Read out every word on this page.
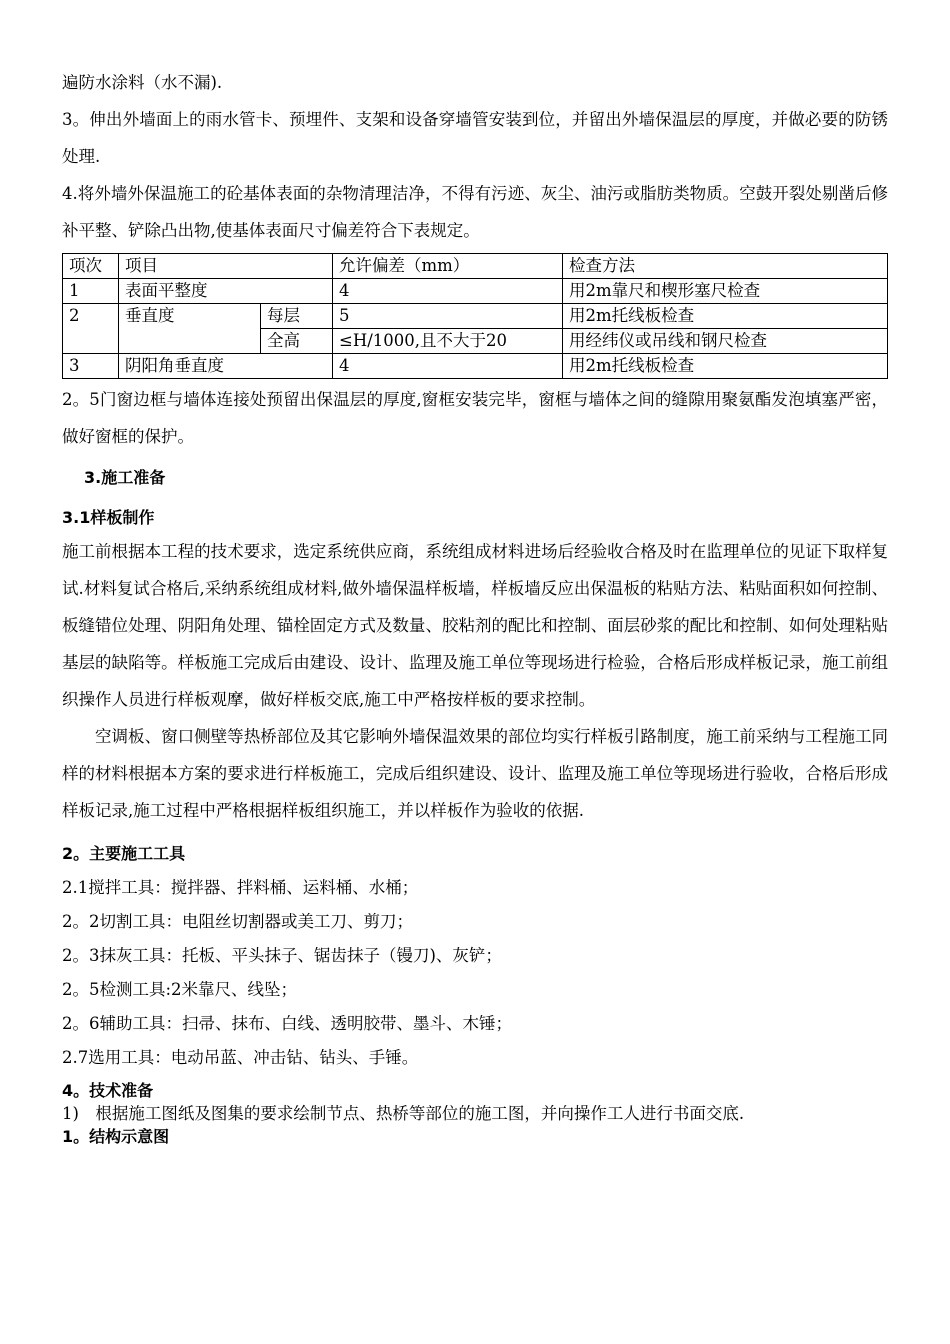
遍防水涂料（水不漏).

3。伸出外墙面上的雨水管卡、预埋件、支架和设备穿墙管安装到位，并留出外墙保温层的厚度，并做必要的防锈处理.

4.将外墙外保温施工的砼基体表面的杂物清理洁净，不得有污迹、灰尘、油污或脂肪类物质。空鼓开裂处剔凿后修补平整、铲除凸出物,使基体表面尺寸偏差符合下表规定。

项次	项目		允许偏差（mm）	检查方法
1	表面平整度		4	用2m靠尺和楔形塞尺检查
2	垂直度	每层	5	用2m托线板检查
		全高	≤H/1000,且不大于20	用经纬仪或吊线和钢尺检查
3	阴阳角垂直度		4	用2m托线板检查

2。5门窗边框与墙体连接处预留出保温层的厚度,窗框安装完毕，窗框与墙体之间的缝隙用聚氨酯发泡填塞严密，做好窗框的保护。

3.施工准备

3.1样板制作

施工前根据本工程的技术要求，选定系统供应商，系统组成材料进场后经验收合格及时在监理单位的见证下取样复试.材料复试合格后,采纳系统组成材料,做外墙保温样板墙，样板墙反应出保温板的粘贴方法、粘贴面积如何控制、板缝错位处理、阴阳角处理、锚栓固定方式及数量、胶粘剂的配比和控制、面层砂浆的配比和控制、如何处理粘贴基层的缺陷等。样板施工完成后由建设、设计、监理及施工单位等现场进行检验，合格后形成样板记录，施工前组织操作人员进行样板观摩，做好样板交底,施工中严格按样板的要求控制。

空调板、窗口侧壁等热桥部位及其它影响外墙保温效果的部位均实行样板引路制度，施工前采纳与工程施工同样的材料根据本方案的要求进行样板施工，完成后组织建设、设计、监理及施工单位等现场进行验收，合格后形成样板记录,施工过程中严格根据样板组织施工，并以样板作为验收的依据.

2。主要施工工具

2.1搅拌工具：搅拌器、拌料桶、运料桶、水桶；

2。2切割工具：电阻丝切割器或美工刀、剪刀；

2。3抹灰工具：托板、平头抹子、锯齿抹子（镘刀)、灰铲；

2。5检测工具:2米靠尺、线坠；

2。6辅助工具：扫帚、抹布、白线、透明胶带、墨斗、木锤；

2.7选用工具：电动吊蓝、冲击钻、钻头、手锤。

4。技术准备

1)　根据施工图纸及图集的要求绘制节点、热桥等部位的施工图，并向操作工人进行书面交底.

1。结构示意图
